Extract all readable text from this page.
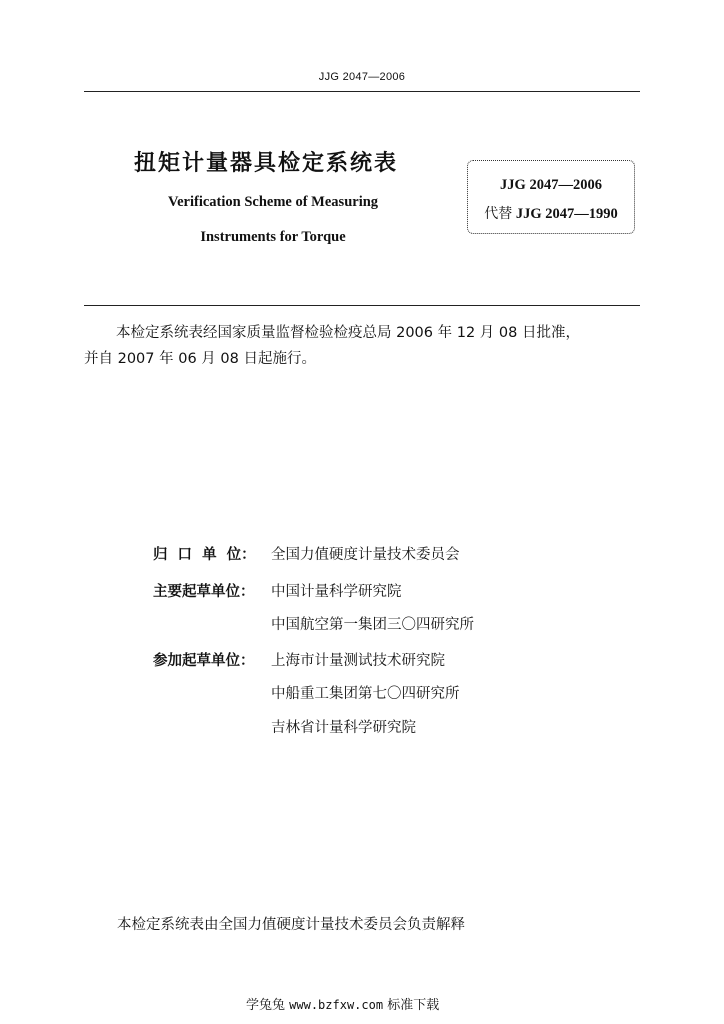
JJG 2047—2006
扭矩计量器具检定系统表
Verification Scheme of Measuring
Instruments for Torque
JJG 2047—2006
代替 JJG 2047—1990
本检定系统表经国家质量监督检验检疫总局 2006 年 12 月 08 日批准，
并自 2007 年 06 月 08 日起施行。
归 口 单 位： 全国力值硬度计量技术委员会
主要起草单位： 中国计量科学研究院
中国航空第一集团三〇四研究所
参加起草单位： 上海市计量测试技术研究院
中船重工集团第七〇四研究所
吉林省计量科学研究院
本检定系统表由全国力值硬度计量技术委员会负责解释
学兔兔 www.bzfxw.com 标准下载
